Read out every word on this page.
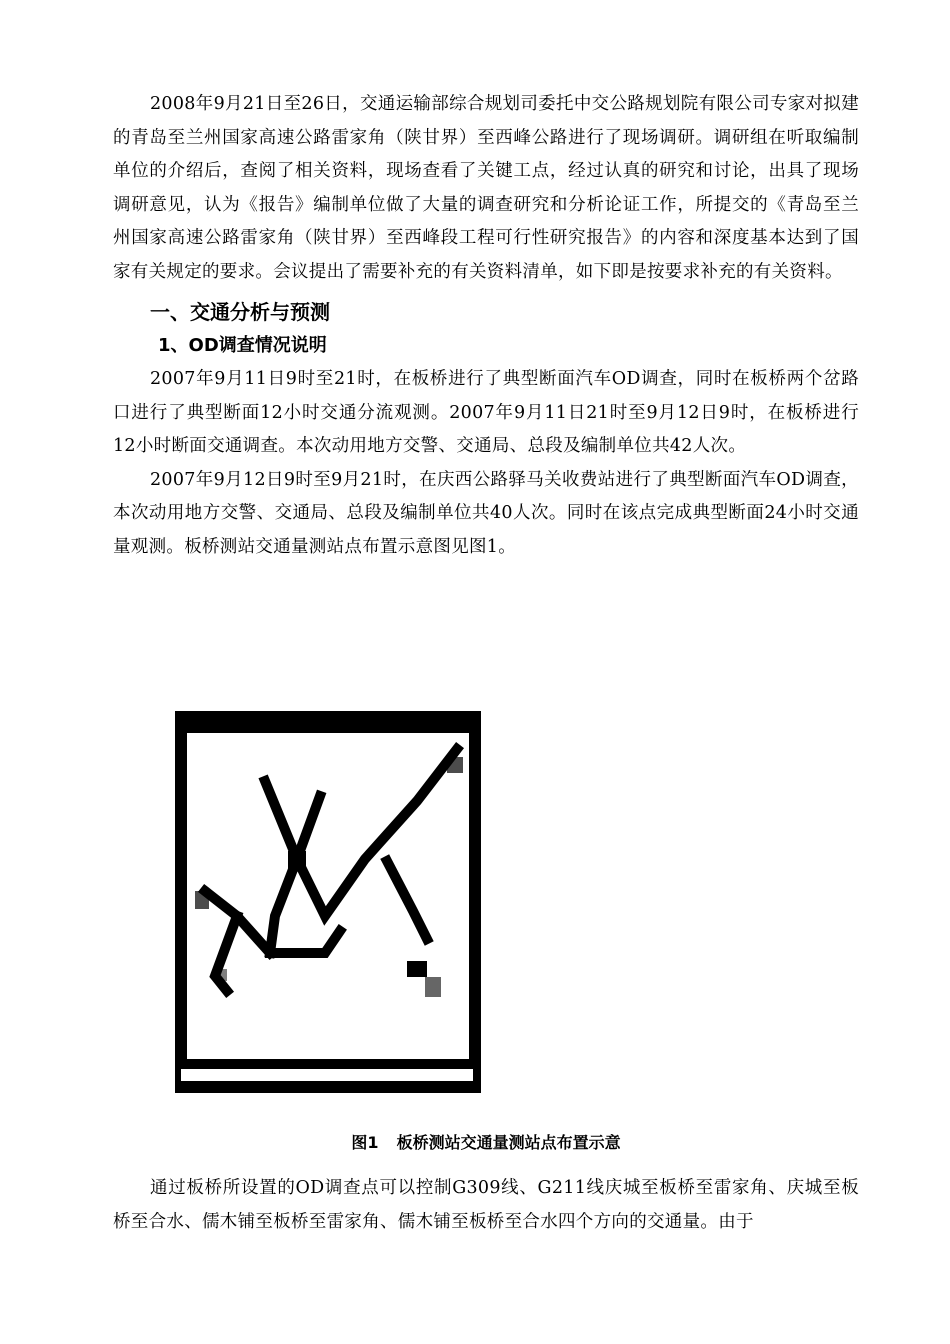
2008年9月21日至26日，交通运输部综合规划司委托中交公路规划院有限公司专家对拟建的青岛至兰州国家高速公路雷家角（陕甘界）至西峰公路进行了现场调研。调研组在听取编制单位的介绍后，查阅了相关资料，现场查看了关键工点，经过认真的研究和讨论，出具了现场调研意见，认为《报告》编制单位做了大量的调查研究和分析论证工作，所提交的《青岛至兰州国家高速公路雷家角（陕甘界）至西峰段工程可行性研究报告》的内容和深度基本达到了国家有关规定的要求。会议提出了需要补充的有关资料清单，如下即是按要求补充的有关资料。

一、交通分析与预测
1、OD调查情况说明

2007年9月11日9时至21时，在板桥进行了典型断面汽车OD调查，同时在板桥两个岔路口进行了典型断面12小时交通分流观测。2007年9月11日21时至9月12日9时，在板桥进行12小时断面交通调查。本次动用地方交警、交通局、总段及编制单位共42人次。

2007年9月12日9时至9月21时，在庆西公路驿马关收费站进行了典型断面汽车OD调查，本次动用地方交警、交通局、总段及编制单位共40人次。同时在该点完成典型断面24小时交通量观测。板桥测站交通量测站点布置示意图见图1。

图1 板桥测站交通量测站点布置示意

通过板桥所设置的OD调查点可以控制G309线、G211线庆城至板桥至雷家角、庆城至板桥至合水、儒木铺至板桥至雷家角、儒木铺至板桥至合水四个方向的交通量。由于
